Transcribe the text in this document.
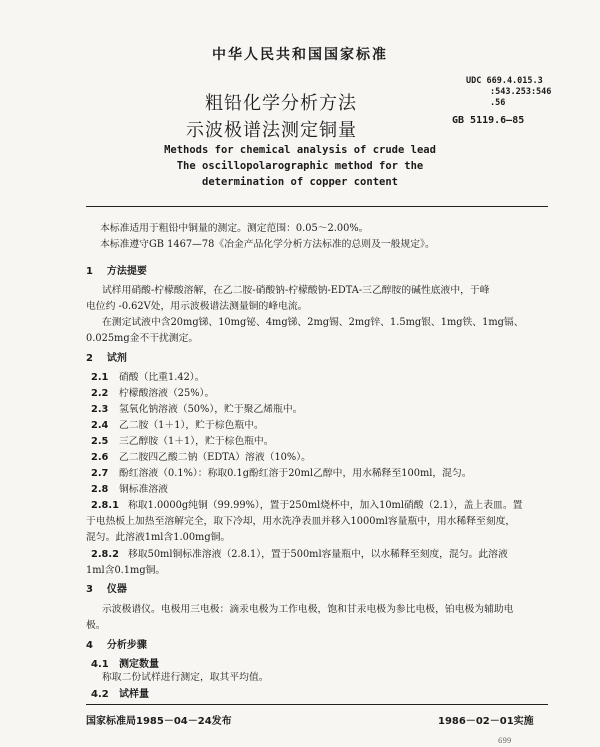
中华人民共和国国家标准
粗铅化学分析方法
示波极谱法测定铜量
UDC 669.4.015.3
:543.253:546
.56
GB 5119.6—85
Methods for chemical analysis of crude lead
The oscillopolarographic method for the
determination of copper content
本标准适用于粗铅中铜量的测定。测定范围：0.05～2.00%。
本标准遵守GB 1467—78《冶金产品化学分析方法标准的总则及一般规定》。
1 方法提要
试样用硝酸-柠檬酸溶解，在乙二胺-硝酸钠-柠檬酸钠-EDTA-三乙醇胺的碱性底液中，于峰
电位约 -0.62V处，用示波极谱法测量铜的峰电流。
在测定试液中含20mg锑、10mg铋、4mg锑、2mg锡、2mg锌、1.5mg银、1mg铁、1mg镉、
0.025mg金不干扰测定。
2 试剂
2.1 硝酸（比重1.42）。
2.2 柠檬酸溶液（25%）。
2.3 氢氧化钠溶液（50%），贮于聚乙烯瓶中。
2.4 乙二胺（1＋1），贮于棕色瓶中。
2.5 三乙醇胺（1＋1），贮于棕色瓶中。
2.6 乙二胺四乙酸二钠（EDTA）溶液（10%）。
2.7 酚红溶液（0.1%）：称取0.1g酚红溶于20ml乙醇中，用水稀释至100ml，混匀。
2.8 铜标准溶液
2.8.1 称取1.0000g纯铜（99.99%），置于250ml烧杯中，加入10ml硝酸（2.1），盖上表皿。置
于电热板上加热至溶解完全，取下冷却，用水洗净表皿并移入1000ml容量瓶中，用水稀释至刻度，
混匀。此溶液1ml含1.00mg铜。
2.8.2 移取50ml铜标准溶液（2.8.1），置于500ml容量瓶中，以水稀释至刻度，混匀。此溶液
1ml含0.1mg铜。
3 仪器
示波极谱仪。电极用三电极：滴汞电极为工作电极，饱和甘汞电极为参比电极，铂电极为辅助电
极。
4 分析步骤
4.1 测定数量
称取二份试样进行测定，取其平均值。
4.2 试样量
国家标准局1985－04－24发布	1986－02－01实施
699
